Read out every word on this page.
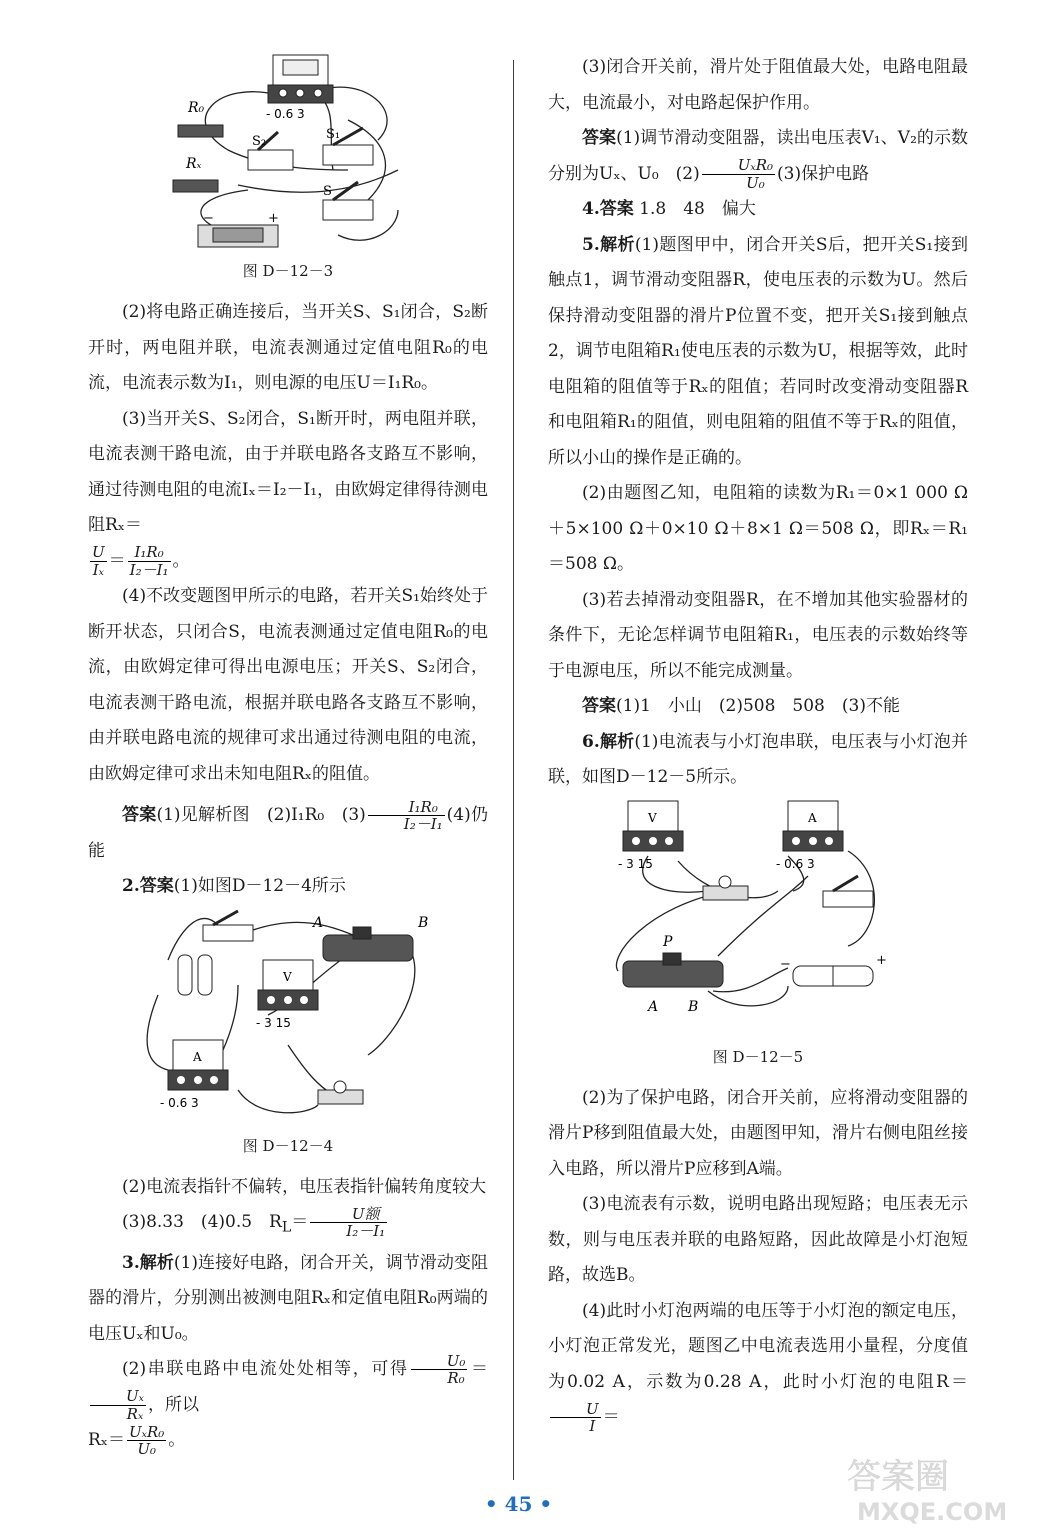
- 0.6 3
R₀
Rₓ
S₂	S₁
S
−	+
图 D－12－3

(2)将电路正确连接后，当开关S、S₁闭合，S₂断开时，两电阻并联，电流表测通过定值电阻R₀的电流，电流表示数为I₁，则电源的电压U＝I₁R₀。

(3)当开关S、S₂闭合，S₁断开时，两电阻并联，电流表测干路电流，由于并联电路各支路互不影响，通过待测电阻的电流Iₓ＝I₂－I₁，由欧姆定律得待测电阻Rₓ＝

$\frac{U}{\text{Iₓ}} = \frac{\text{I₁R₀}}{\text{I₂－I₁}}$ 。

(4)不改变题图甲所示的电路，若开关S₁始终处于断开状态，只闭合S，电流表测通过定值电阻R₀的电流，由欧姆定律可得出电源电压；开关S、S₂闭合，电流表测干路电流，根据并联电路各支路互不影响，由并联电路电流的规律可求出通过待测电阻的电流，由欧姆定律可求出未知电阻Rₓ的阻值。

答案(1)见解析图　(2)I₁R₀　$(3) \frac{\text{I₁R₀}}{\text{I₂－I₁}} (4)$仍能

2.答案(1)如图D－12－4所示

A	B
V
- 3 15
A
- 0.6 3
图 D－12－4

(2)电流表指针不偏转，电压表指针偏转角度较大

(3)8.33　(4)0.5　$R_L= \frac{\text{U额}}{\text{I₂－I₁}}$

3.解析(1)连接好电路，闭合开关，调节滑动变阻器的滑片，分别测出被测电阻Rₓ和定值电阻R₀两端的电压Uₓ和U₀。

(2)串联电路中电流处处相等，可得 $\frac{\text{U₀}}{\text{R₀}}$ ＝
$\frac{\text{Uₓ}}{\text{Rₓ}}$ ，所以

$R_x= \frac{\text{UₓR₀}}{\text{U₀}}$ 。

(3)闭合开关前，滑片处于阻值最大处，电路电阻最大，电流最小，对电路起保护作用。

答案(1)调节滑动变阻器，读出电压表V₁、V₂的示数分别为Uₓ、U₀　$(2) \frac{\text{UₓR₀}}{\text{U₀}} (3)$保护电路

4.答案 1.8　48　偏大

5.解析(1)题图甲中，闭合开关S后，把开关S₁接到触点1，调节滑动变阻器R，使电压表的示数为U。然后保持滑动变阻器的滑片P位置不变，把开关S₁接到触点2，调节电阻箱R₁使电压表的示数为U，根据等效，此时电阻箱的阻值等于Rₓ的阻值；若同时改变滑动变阻器R和电阻箱R₁的阻值，则电阻箱的阻值不等于Rₓ的阻值，所以小山的操作是正确的。

(2)由题图乙知，电阻箱的读数为R₁＝0×1 000 Ω＋5×100 Ω＋0×10 Ω＋8×1 Ω＝508 Ω，即Rₓ＝R₁＝508 Ω。

(3)若去掉滑动变阻器R，在不增加其他实验器材的条件下，无论怎样调节电阻箱R₁，电压表的示数始终等于电源电压，所以不能完成测量。

答案(1)1　小山　(2)508　508　(3)不能

6.解析(1)电流表与小灯泡串联，电压表与小灯泡并联，如图D－12－5所示。

V
- 3 15
A
- 0.6 3
P
A B
−	+
图 D－12－5

(2)为了保护电路，闭合开关前，应将滑动变阻器的滑片P移到阻值最大处，由题图甲知，滑片右侧电阻丝接入电路，所以滑片P应移到A端。

(3)电流表有示数，说明电路出现短路；电压表无示数，则与电压表并联的电路短路，因此故障是小灯泡短路，故选B。

(4)此时小灯泡两端的电压等于小灯泡的额定电压，小灯泡正常发光，题图乙中电流表选用小量程，分度值为0.02 A，示数为0.28 A，此时小灯泡的电阻R＝
$\frac{U}{I}$ ＝

• 45 •
答案圈
MXQE.COM
